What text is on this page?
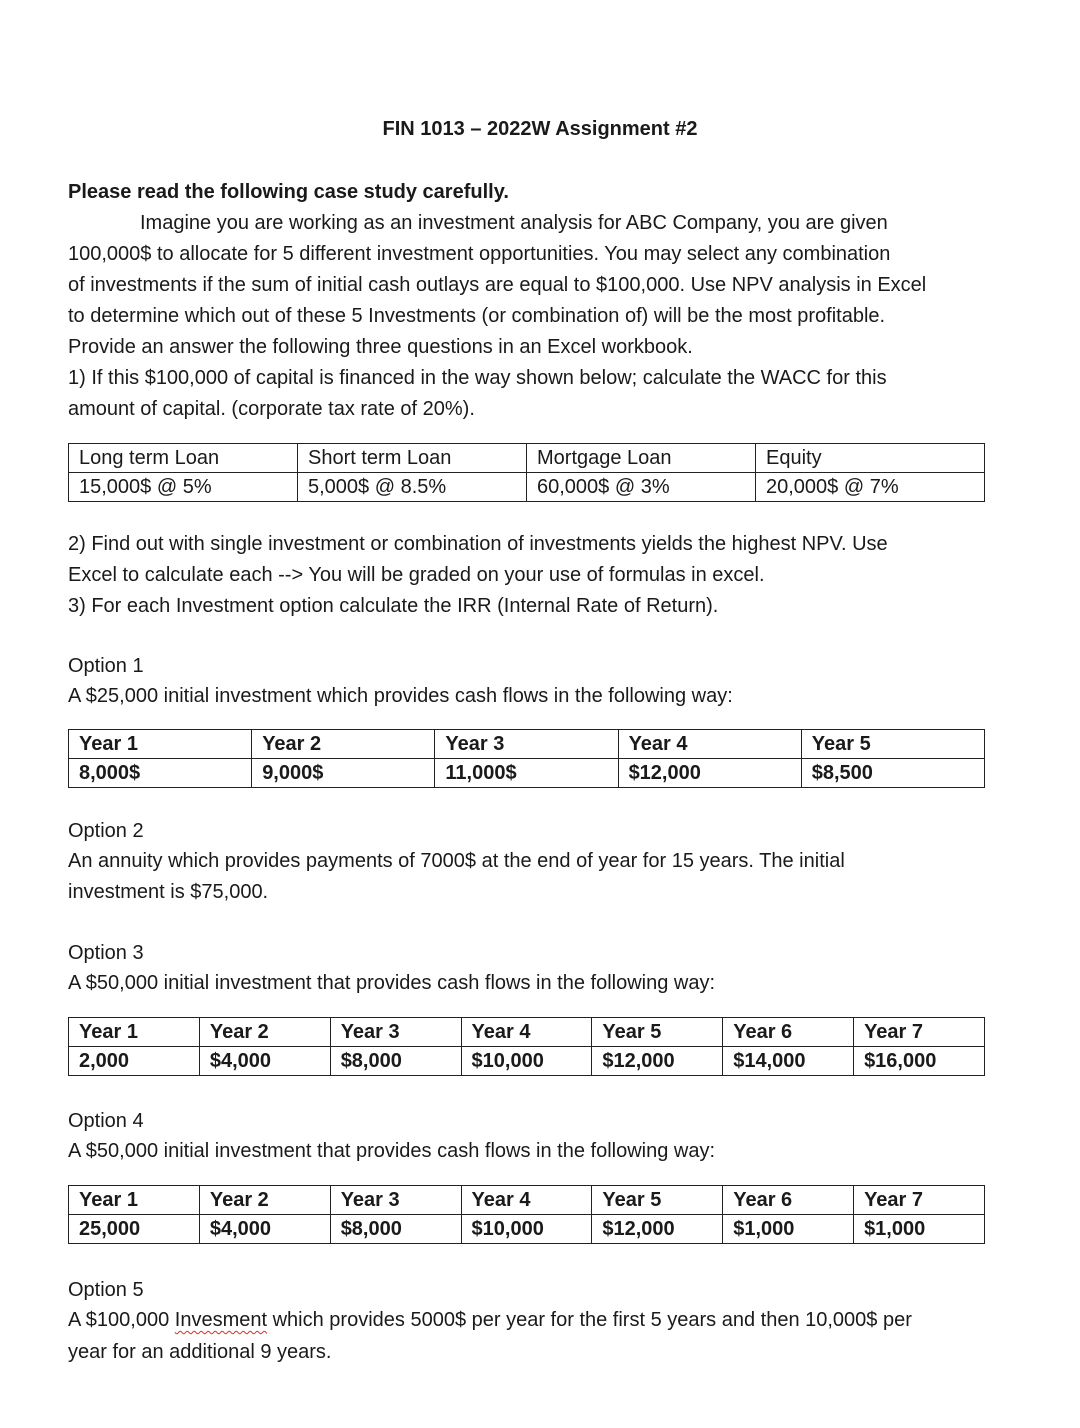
FIN 1013 – 2022W Assignment #2
Please read the following case study carefully.
Imagine you are working as an investment analysis for ABC Company, you are given
100,000$ to allocate for 5 different investment opportunities. You may select any combination
of investments if the sum of initial cash outlays are equal to $100,000. Use NPV analysis in Excel
to determine which out of these 5 Investments (or combination of) will be the most profitable.
Provide an answer the following three questions in an Excel workbook.
1) If this $100,000 of capital is financed in the way shown below; calculate the WACC for this
amount of capital. (corporate tax rate of 20%).
Long term Loan	Short term Loan	Mortgage Loan	Equity
15,000$ @ 5%	5,000$ @ 8.5%	60,000$ @ 3%	20,000$ @ 7%
2) Find out with single investment or combination of investments yields the highest NPV. Use
Excel to calculate each --> You will be graded on your use of formulas in excel.
3) For each Investment option calculate the IRR (Internal Rate of Return).
Option 1
A $25,000 initial investment which provides cash flows in the following way:
Year 1	Year 2	Year 3	Year 4	Year 5
8,000$	9,000$	11,000$	$12,000	$8,500
Option 2
An annuity which provides payments of 7000$ at the end of year for 15 years. The initial
investment is $75,000.
Option 3
A $50,000 initial investment that provides cash flows in the following way:
Year 1	Year 2	Year 3	Year 4	Year 5	Year 6	Year 7
2,000	$4,000	$8,000	$10,000	$12,000	$14,000	$16,000
Option 4
A $50,000 initial investment that provides cash flows in the following way:
Year 1	Year 2	Year 3	Year 4	Year 5	Year 6	Year 7
25,000	$4,000	$8,000	$10,000	$12,000	$1,000	$1,000
Option 5
A $100,000 Invesment which provides 5000$ per year for the first 5 years and then 10,000$ per
year for an additional 9 years.
